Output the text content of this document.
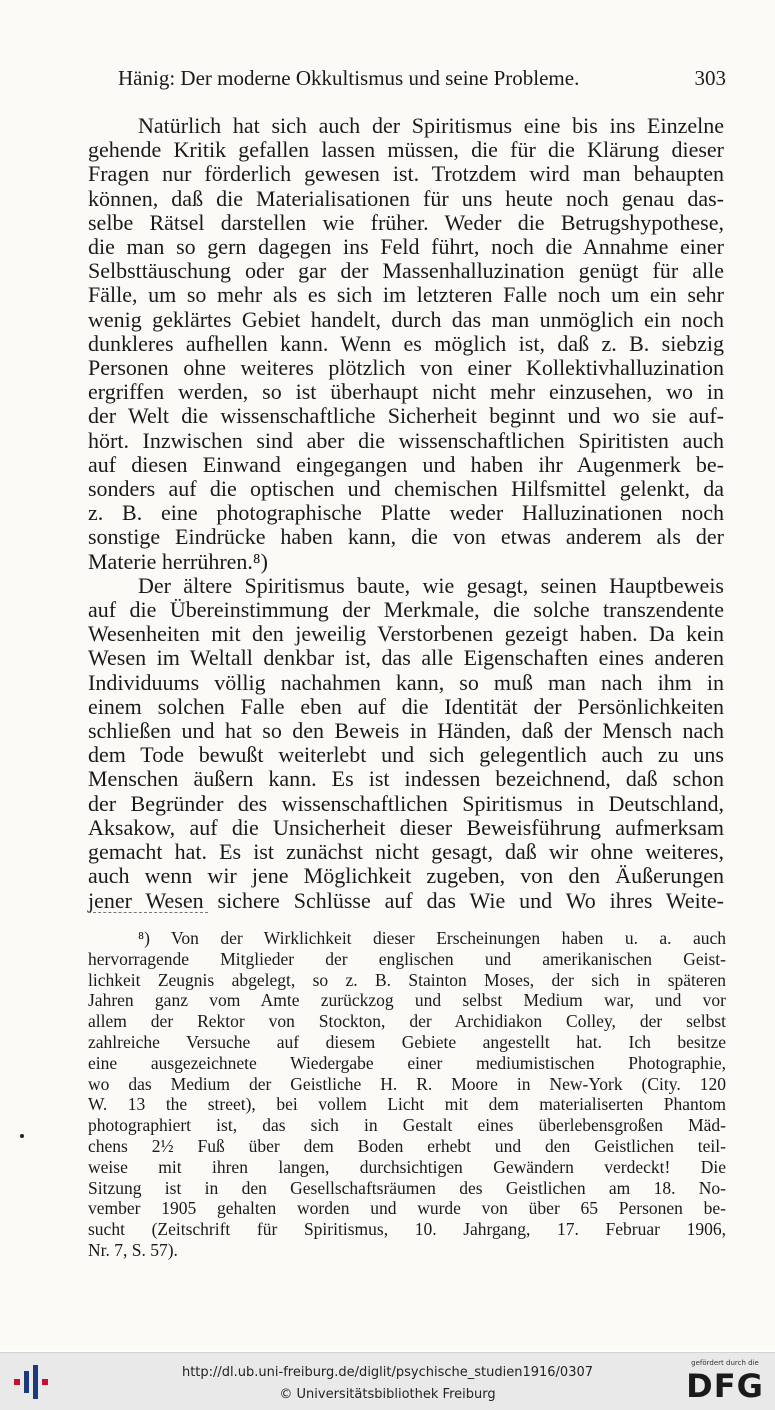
Hänig: Der moderne Okkultismus und seine Probleme.	303
Natürlich hat sich auch der Spiritismus eine bis ins Einzelne
gehende Kritik gefallen lassen müssen, die für die Klärung dieser
Fragen nur förderlich gewesen ist. Trotzdem wird man behaupten
können, daß die Materialisationen für uns heute noch genau das-
selbe Rätsel darstellen wie früher. Weder die Betrugshypothese,
die man so gern dagegen ins Feld führt, noch die Annahme einer
Selbsttäuschung oder gar der Massenhalluzination genügt für alle
Fälle, um so mehr als es sich im letzteren Falle noch um ein sehr
wenig geklärtes Gebiet handelt, durch das man unmöglich ein noch
dunkleres aufhellen kann. Wenn es möglich ist, daß z. B. siebzig
Personen ohne weiteres plötzlich von einer Kollektivhalluzination
ergriffen werden, so ist überhaupt nicht mehr einzusehen, wo in
der Welt die wissenschaftliche Sicherheit beginnt und wo sie auf-
hört. Inzwischen sind aber die wissenschaftlichen Spiritisten auch
auf diesen Einwand eingegangen und haben ihr Augenmerk be-
sonders auf die optischen und chemischen Hilfsmittel gelenkt, da
z. B. eine photographische Platte weder Halluzinationen noch
sonstige Eindrücke haben kann, die von etwas anderem als der
Materie herrühren.⁸)
Der ältere Spiritismus baute, wie gesagt, seinen Hauptbeweis
auf die Übereinstimmung der Merkmale, die solche transzendente
Wesenheiten mit den jeweilig Verstorbenen gezeigt haben. Da kein
Wesen im Weltall denkbar ist, das alle Eigenschaften eines anderen
Individuums völlig nachahmen kann, so muß man nach ihm in
einem solchen Falle eben auf die Identität der Persönlichkeiten
schließen und hat so den Beweis in Händen, daß der Mensch nach
dem Tode bewußt weiterlebt und sich gelegentlich auch zu uns
Menschen äußern kann. Es ist indessen bezeichnend, daß schon
der Begründer des wissenschaftlichen Spiritismus in Deutschland,
Aksakow, auf die Unsicherheit dieser Beweisführung aufmerksam
gemacht hat. Es ist zunächst nicht gesagt, daß wir ohne weiteres,
auch wenn wir jene Möglichkeit zugeben, von den Äußerungen
jener Wesen sichere Schlüsse auf das Wie und Wo ihres Weite-
⁸) Von der Wirklichkeit dieser Erscheinungen haben u. a. auch
hervorragende Mitglieder der englischen und amerikanischen Geist-
lichkeit Zeugnis abgelegt, so z. B. Stainton Moses, der sich in späteren
Jahren ganz vom Amte zurückzog und selbst Medium war, und vor
allem der Rektor von Stockton, der Archidiakon Colley, der selbst
zahlreiche Versuche auf diesem Gebiete angestellt hat. Ich besitze
eine ausgezeichnete Wiedergabe einer mediumistischen Photographie,
wo das Medium der Geistliche H. R. Moore in New-York (City. 120
W. 13 the street), bei vollem Licht mit dem materialiserten Phantom
photographiert ist, das sich in Gestalt eines überlebensgroßen Mäd-
chens 2½ Fuß über dem Boden erhebt und den Geistlichen teil-
weise mit ihren langen, durchsichtigen Gewändern verdeckt! Die
Sitzung ist in den Gesellschaftsräumen des Geistlichen am 18. No-
vember 1905 gehalten worden und wurde von über 65 Personen be-
sucht (Zeitschrift für Spiritismus, 10. Jahrgang, 17. Februar 1906,
Nr. 7, S. 57).
http://dl.ub.uni-freiburg.de/diglit/psychische_studien1916/0307
© Universitätsbibliothek Freiburg
gefördert durch die
DFG
